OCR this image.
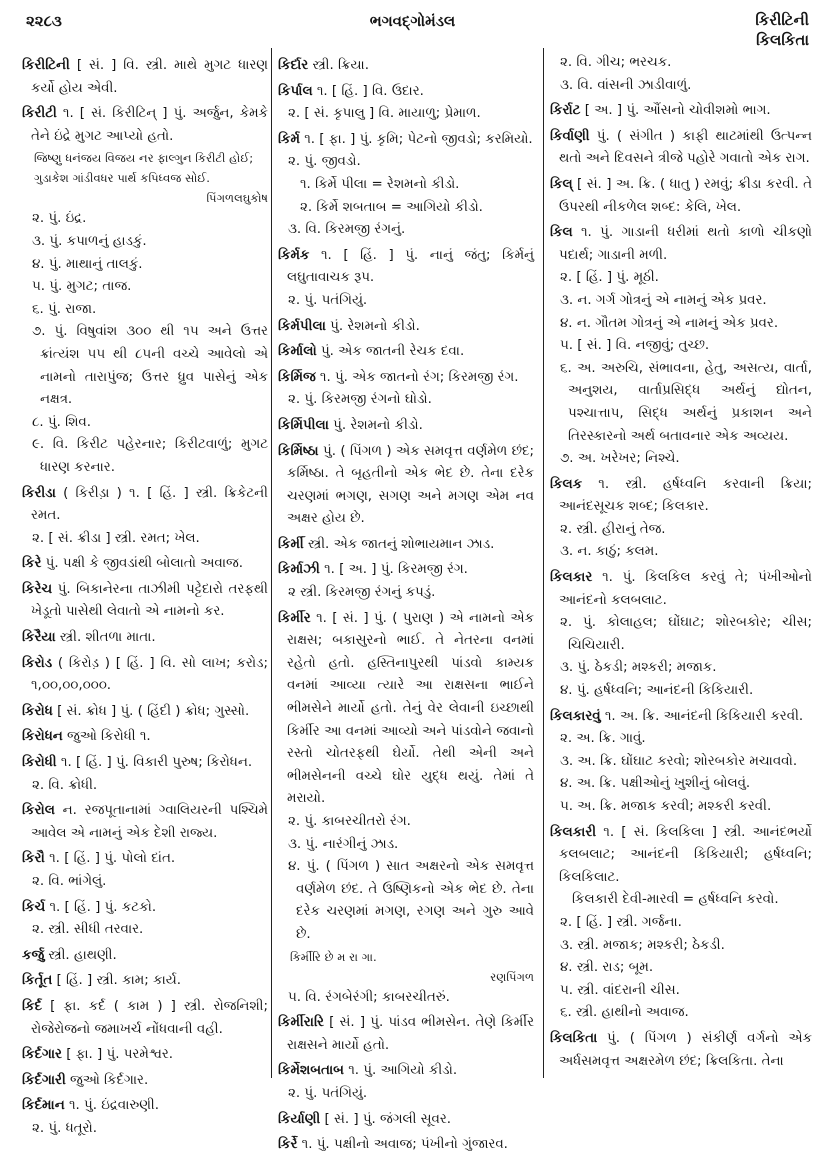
૨૨૮૩	ભગવદ્ગોમંડલ	કિરીટિની
કિલકિતા
કિરીટિની [ સં. ] વિ. સ્ત્રી. માથે મુગટ ધારણ કર્યો હોય એવી.
કિરીટી ૧. [ સં. કિરીટિન્ ] પું. અર્જુન, કેમકે તેને ઇંદ્રે મુગટ આપ્યો હતો.
જિષ્ણુ ધનંજય વિજય નર ફાલ્ગુન કિરીટી હોઈ; ગુડાકેશ ગાંડીવધર પાર્થ કપિધ્વજ સોઈ.
પિંગળલઘુકોષ
૨. પું. ઇંદ્ર.
૩. પું. કપાળનું હાડકું.
૪. પું. માથાનું તાલકું.
૫. પું. મુગટ; તાજ.
૬. પું. રાજા.
૭. પું. વિષુવાંશ ૩૦૦ થી ૧૫ અને ઉત્તર ક્રાંત્યંશ ૫૫ થી ૮૫ની વચ્ચે આવેલો એ નામનો તારાપુંજ; ઉત્તર ધ્રુવ પાસેનું એક નક્ષત્ર.
૮. પું. શિવ.
૯. વિ. કિરીટ પહેરનાર; કિરીટવાળું; મુગટ ધારણ કરનાર.
કિરીડા ( કિરીડ઼ા ) ૧. [ હિં. ] સ્ત્રી. ક્રિકેટની રમત.
૨. [ સં. ક્રીડા ] સ્ત્રી. રમત; ખેલ.
કિરે પું. પક્ષી કે જીવડાંથી બોલાતો અવાજ.
કિરેચ પું. બિકાનેરના તાઝીમી પટ્ટેદારો તરફથી ખેડૂતો પાસેથી લેવાતો એ નામનો કર.
કિરૈયા સ્ત્રી. શીતળા માતા.
કિરોડ ( કિરોડ઼ ) [ હિં. ] વિ. સો લાખ; કરોડ; ૧,૦૦,૦૦,૦૦૦.
કિરોધ [ સં. ક્રોધ ] પું. ( હિંદી ) ક્રોધ; ગુસ્સો.
કિરોધન જુઓ કિરોધી ૧.
કિરોધી ૧. [ હિં. ] પું. વિકારી પુરુષ; કિરોધન.
૨. વિ. ક્રોધી.
કિરોલ ન. રજપૂતાનામાં ગ્વાલિયરની પશ્ચિમે આવેલ એ નામનું એક દેશી રાજ્ય.
કિરૌ ૧. [ હિં. ] પું. પોલો દાંત.
૨. વિ. ભાંગેલું.
કિર્ચ ૧. [ હિં. ] પું. કટકો.
૨. સ્ત્રી. સીધી તરવાર.
કર્જુ સ્ત્રી. હાથણી.
કિર્તૂત [ હિં. ] સ્ત્રી. કામ; કાર્ય.
કિર્દ [ ફા. કર્દ ( કામ ) ] સ્ત્રી. રોજનિશી; રોજેરોજનો જમાખર્ચ નોંધવાની વહી.
કિર્દગાર [ ફા. ] પું. પરમેશ્વર.
કિર્દગારી જુઓ કિર્દગાર.
કિર્દમાન ૧. પું. ઇંદ્રવારુણી.
૨. પું. ધતૂરો.
કિર્દાર સ્ત્રી. ક્રિયા.
કિર્પાલ ૧. [ હિં. ] વિ. ઉદાર.
૨. [ સં. કૃપાલુ ] વિ. માયાળુ; પ્રેમાળ.
કિર્મ ૧. [ ફા. ] પું. કૃમિ; પેટનો જીવડો; કરમિયો.
૨. પું. જીવડો.
૧. કિર્મે પીલા = રેશમનો કીડો.
૨. કિર્મે શબતાબ = આગિયો કીડો.
૩. વિ. કિરમજી રંગનું.
કિર્મક ૧. [ હિં. ] પું. નાનું જંતુ; કિર્મનું લઘુતાવાચક રૂપ.
૨. પું. પતંગિયું.
કિર્મપીલા પું. રેશમનો કીડો.
કિર્માલો પું. એક જાતની રેચક દવા.
કિર્મિજ ૧. પું. એક જાતનો રંગ; કિરમજી રંગ.
૨. પું. કિરમજી રંગનો ઘોડો.
કિર્મિપીલા પું. રેશમનો કીડો.
કિર્મિષ્ઠા પું. ( પિંગળ ) એક સમવૃત્ત વર્ણમેળ છંદ; કર્મિષ્ઠા. તે બૃહતીનો એક ભેદ છે. તેના દરેક ચરણમાં ભગણ, સગણ અને મગણ એમ નવ અક્ષર હોય છે.
કિર્મી સ્ત્રી. એક જાતનું શોભાયમાન ઝાડ.
કિર્માઝી ૧. [ અ. ] પું. કિરમજી રંગ.
૨ સ્ત્રી. કિરમજી રંગનું કપડું.
કિર્મીર ૧. [ સં. ] પું. ( પુરાણ ) એ નામનો એક રાક્ષસ; બકાસુરનો ભાઈ. તે નેતરના વનમાં રહેતો હતો. હસ્તિનાપુરથી પાંડવો કામ્યક વનમાં આવ્યા ત્યારે આ રાક્ષસના ભાઈને ભીમસેને માર્યો હતો. તેનું વેર લેવાની ઇચ્છાથી કિર્મીર આ વનમાં આવ્યો અને પાંડવોને જવાનો રસ્તો ચોતરફથી ઘેર્યો. તેથી એની અને ભીમસેનની વચ્ચે ઘોર યુદ્ધ થયું. તેમાં તે મરાયો.
૨. પું. કાબરચીતરો રંગ.
૩. પું. નારંગીનું ઝાડ.
૪. પું. ( પિંગળ ) સાત અક્ષરનો એક સમવૃત્ત વર્ણમેળ છંદ. તે ઉષ્ણિકનો એક ભેદ છે. તેના દરેક ચરણમાં મગણ, રગણ અને ગુરુ આવે છે.
કિર્મીરિ છે મ રા ગા.
રણપિંગળ
૫. વિ. રંગબેરંગી; કાબરચીતરું.
કિર્મીરારિ [ સં. ] પું. પાંડવ ભીમસેન. તેણે કિર્મીર રાક્ષસને માર્યો હતો.
કિર્મેશબતાબ ૧. પું. આગિયો કીડો.
૨. પું. પતંગિયું.
કિર્યાણી [ સં. ] પું. જંગલી સૂવર.
કિર્રે ૧. પું. પક્ષીનો અવાજ; પંખીનો ગુંજારવ.
૨. વિ. ગીચ; ભરચક.
૩. વિ. વાંસની ઝાડીવાળું.
કિર્રાટ [ અ. ] પું. ઔંસનો ચોવીશમો ભાગ.
કિર્વાણી પું. ( સંગીત ) કાફી થાટમાંથી ઉત્પન્ન થતો અને દિવસને ત્રીજે પહોરે ગવાતો એક રાગ.
કિલ્ [ સં. ] અ. ક્રિ. ( ધાતુ ) રમવું; ક્રીડા કરવી. તે ઉપરથી નીકળેલ શબ્દ: કેલિ, ખેલ.
કિલ ૧. પું. ગાડાની ધરીમાં થતો કાળો ચીકણો પદાર્થ; ગાડાની મળી.
૨. [ હિં. ] પું. મૂઠી.
૩. ન. ગર્ગ ગોત્રનું એ નામનું એક પ્રવર.
૪. ન. ગૌતમ ગોત્રનું એ નામનું એક પ્રવર.
૫. [ સં. ] વિ. નજીવું; તુચ્છ.
૬. અ. અરુચિ, સંભાવના, હેતુ, અસત્ય, વાર્તા, અનુશય, વાર્તાપ્રસિદ્ધ અર્થનું દ્યોતન, પશ્ચાત્તાપ, સિદ્ધ અર્થનું પ્રકાશન અને તિરસ્કારનો અર્થ બતાવનાર એક અવ્યય.
૭. અ. ખરેખર; નિશ્ચે.
કિલક ૧. સ્ત્રી. હર્ષધ્વનિ કરવાની ક્રિયા; આનંદસૂચક શબ્દ; કિલકાર.
૨. સ્ત્રી. હીરાનું તેજ.
૩. ન. કાઠું; કલમ.
કિલકાર ૧. પું. કિલકિલ કરવું તે; પંખીઓનો આનંદનો કલબલાટ.
૨. પું. કોલાહલ; ઘોંઘાટ; શોરબકોર; ચીસ; ચિચિયારી.
૩. પું. ઠેકડી; મશ્કરી; મજાક.
૪. પું. હર્ષધ્વનિ; આનંદની કિકિયારી.
કિલકારવું ૧. અ. ક્રિ. આનંદની કિકિયારી કરવી.
૨. અ. ક્રિ. ગાવું.
૩. અ. ક્રિ. ઘોંઘાટ કરવો; શોરબકોર મચાવવો.
૪. અ. ક્રિ. પક્ષીઓનું ખુશીનું બોલવું.
૫. અ. ક્રિ. મજાક કરવી; મશ્કરી કરવી.
કિલકારી ૧. [ સં. કિલકિલા ] સ્ત્રી. આનંદભર્યો કલબલાટ; આનંદની કિકિયારી; હર્ષધ્વનિ; કિલકિલાટ.
કિલકારી દેવી-મારવી = હર્ષધ્વનિ કરવો.
૨. [ હિં. ] સ્ત્રી. ગર્જના.
૩. સ્ત્રી. મજાક; મશ્કરી; ઠેકડી.
૪. સ્ત્રી. રાડ; બૂમ.
૫. સ્ત્રી. વાંદરાની ચીસ.
૬. સ્ત્રી. હાથીનો અવાજ.
કિલકિતા પું. ( પિંગળ ) સંકીર્ણ વર્ગનો એક અર્ધસમવૃત્ત અક્ષરમેળ છંદ; ક્રિલકિતા. તેના
